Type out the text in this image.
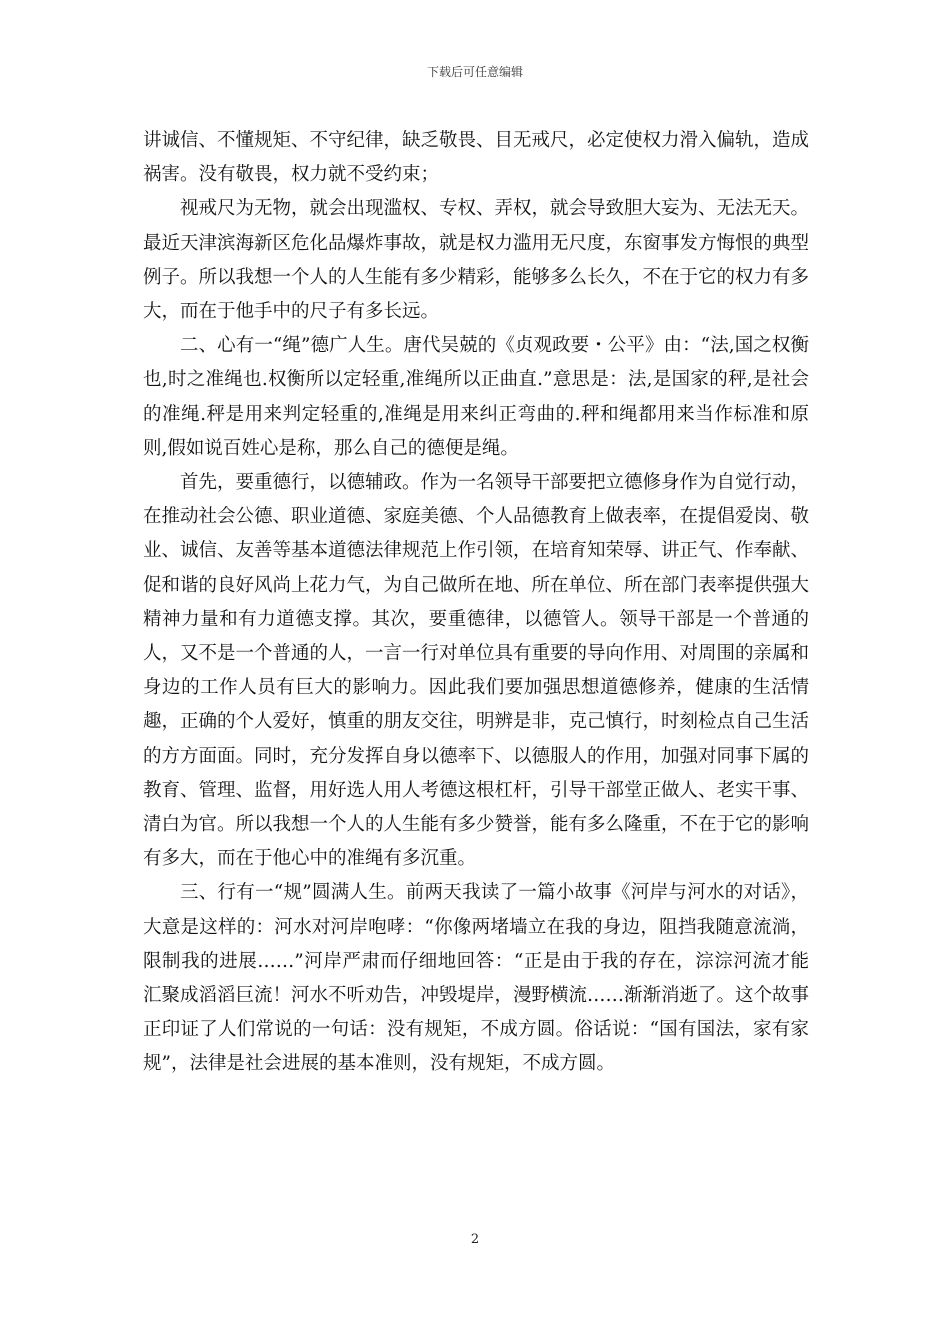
下载后可任意编辑

讲诚信、不懂规矩、不守纪律，缺乏敬畏、目无戒尺，必定使权力滑入偏轨，造成祸害。没有敬畏，权力就不受约束；

视戒尺为无物，就会出现滥权、专权、弄权，就会导致胆大妄为、无法无天。最近天津滨海新区危化品爆炸事故，就是权力滥用无尺度，东窗事发方悔恨的典型例子。所以我想一个人的人生能有多少精彩，能够多么长久，不在于它的权力有多大，而在于他手中的尺子有多长远。

二、心有一“绳”德广人生。唐代吴兢的《贞观政要・公平》由：“法,国之权衡也,时之准绳也.权衡所以定轻重,准绳所以正曲直.”意思是：法,是国家的秤,是社会的准绳.秤是用来判定轻重的,准绳是用来纠正弯曲的.秤和绳都用来当作标准和原则,假如说百姓心是称，那么自己的德便是绳。

首先，要重德行，以德辅政。作为一名领导干部要把立德修身作为自觉行动，在推动社会公德、职业道德、家庭美德、个人品德教育上做表率，在提倡爱岗、敬业、诚信、友善等基本道德法律规范上作引领，在培育知荣辱、讲正气、作奉献、促和谐的良好风尚上花力气，为自己做所在地、所在单位、所在部门表率提供强大精神力量和有力道德支撑。其次，要重德律，以德管人。领导干部是一个普通的人，又不是一个普通的人，一言一行对单位具有重要的导向作用、对周围的亲属和身边的工作人员有巨大的影响力。因此我们要加强思想道德修养，健康的生活情趣，正确的个人爱好，慎重的朋友交往，明辨是非，克己慎行，时刻检点自己生活的方方面面。同时，充分发挥自身以德率下、以德服人的作用，加强对同事下属的教育、管理、监督，用好选人用人考德这根杠杆，引导干部堂正做人、老实干事、清白为官。所以我想一个人的人生能有多少赞誉，能有多么隆重，不在于它的影响有多大，而在于他心中的准绳有多沉重。

三、行有一“规”圆满人生。前两天我读了一篇小故事《河岸与河水的对话》，大意是这样的：河水对河岸咆哮：“你像两堵墙立在我的身边，阻挡我随意流淌，限制我的进展……”河岸严肃而仔细地回答：“正是由于我的存在，淙淙河流才能汇聚成滔滔巨流！河水不听劝告，冲毁堤岸，漫野横流……渐渐消逝了。这个故事正印证了人们常说的一句话：没有规矩，不成方圆。俗话说：“国有国法，家有家规”，法律是社会进展的基本准则，没有规矩，不成方圆。

2
